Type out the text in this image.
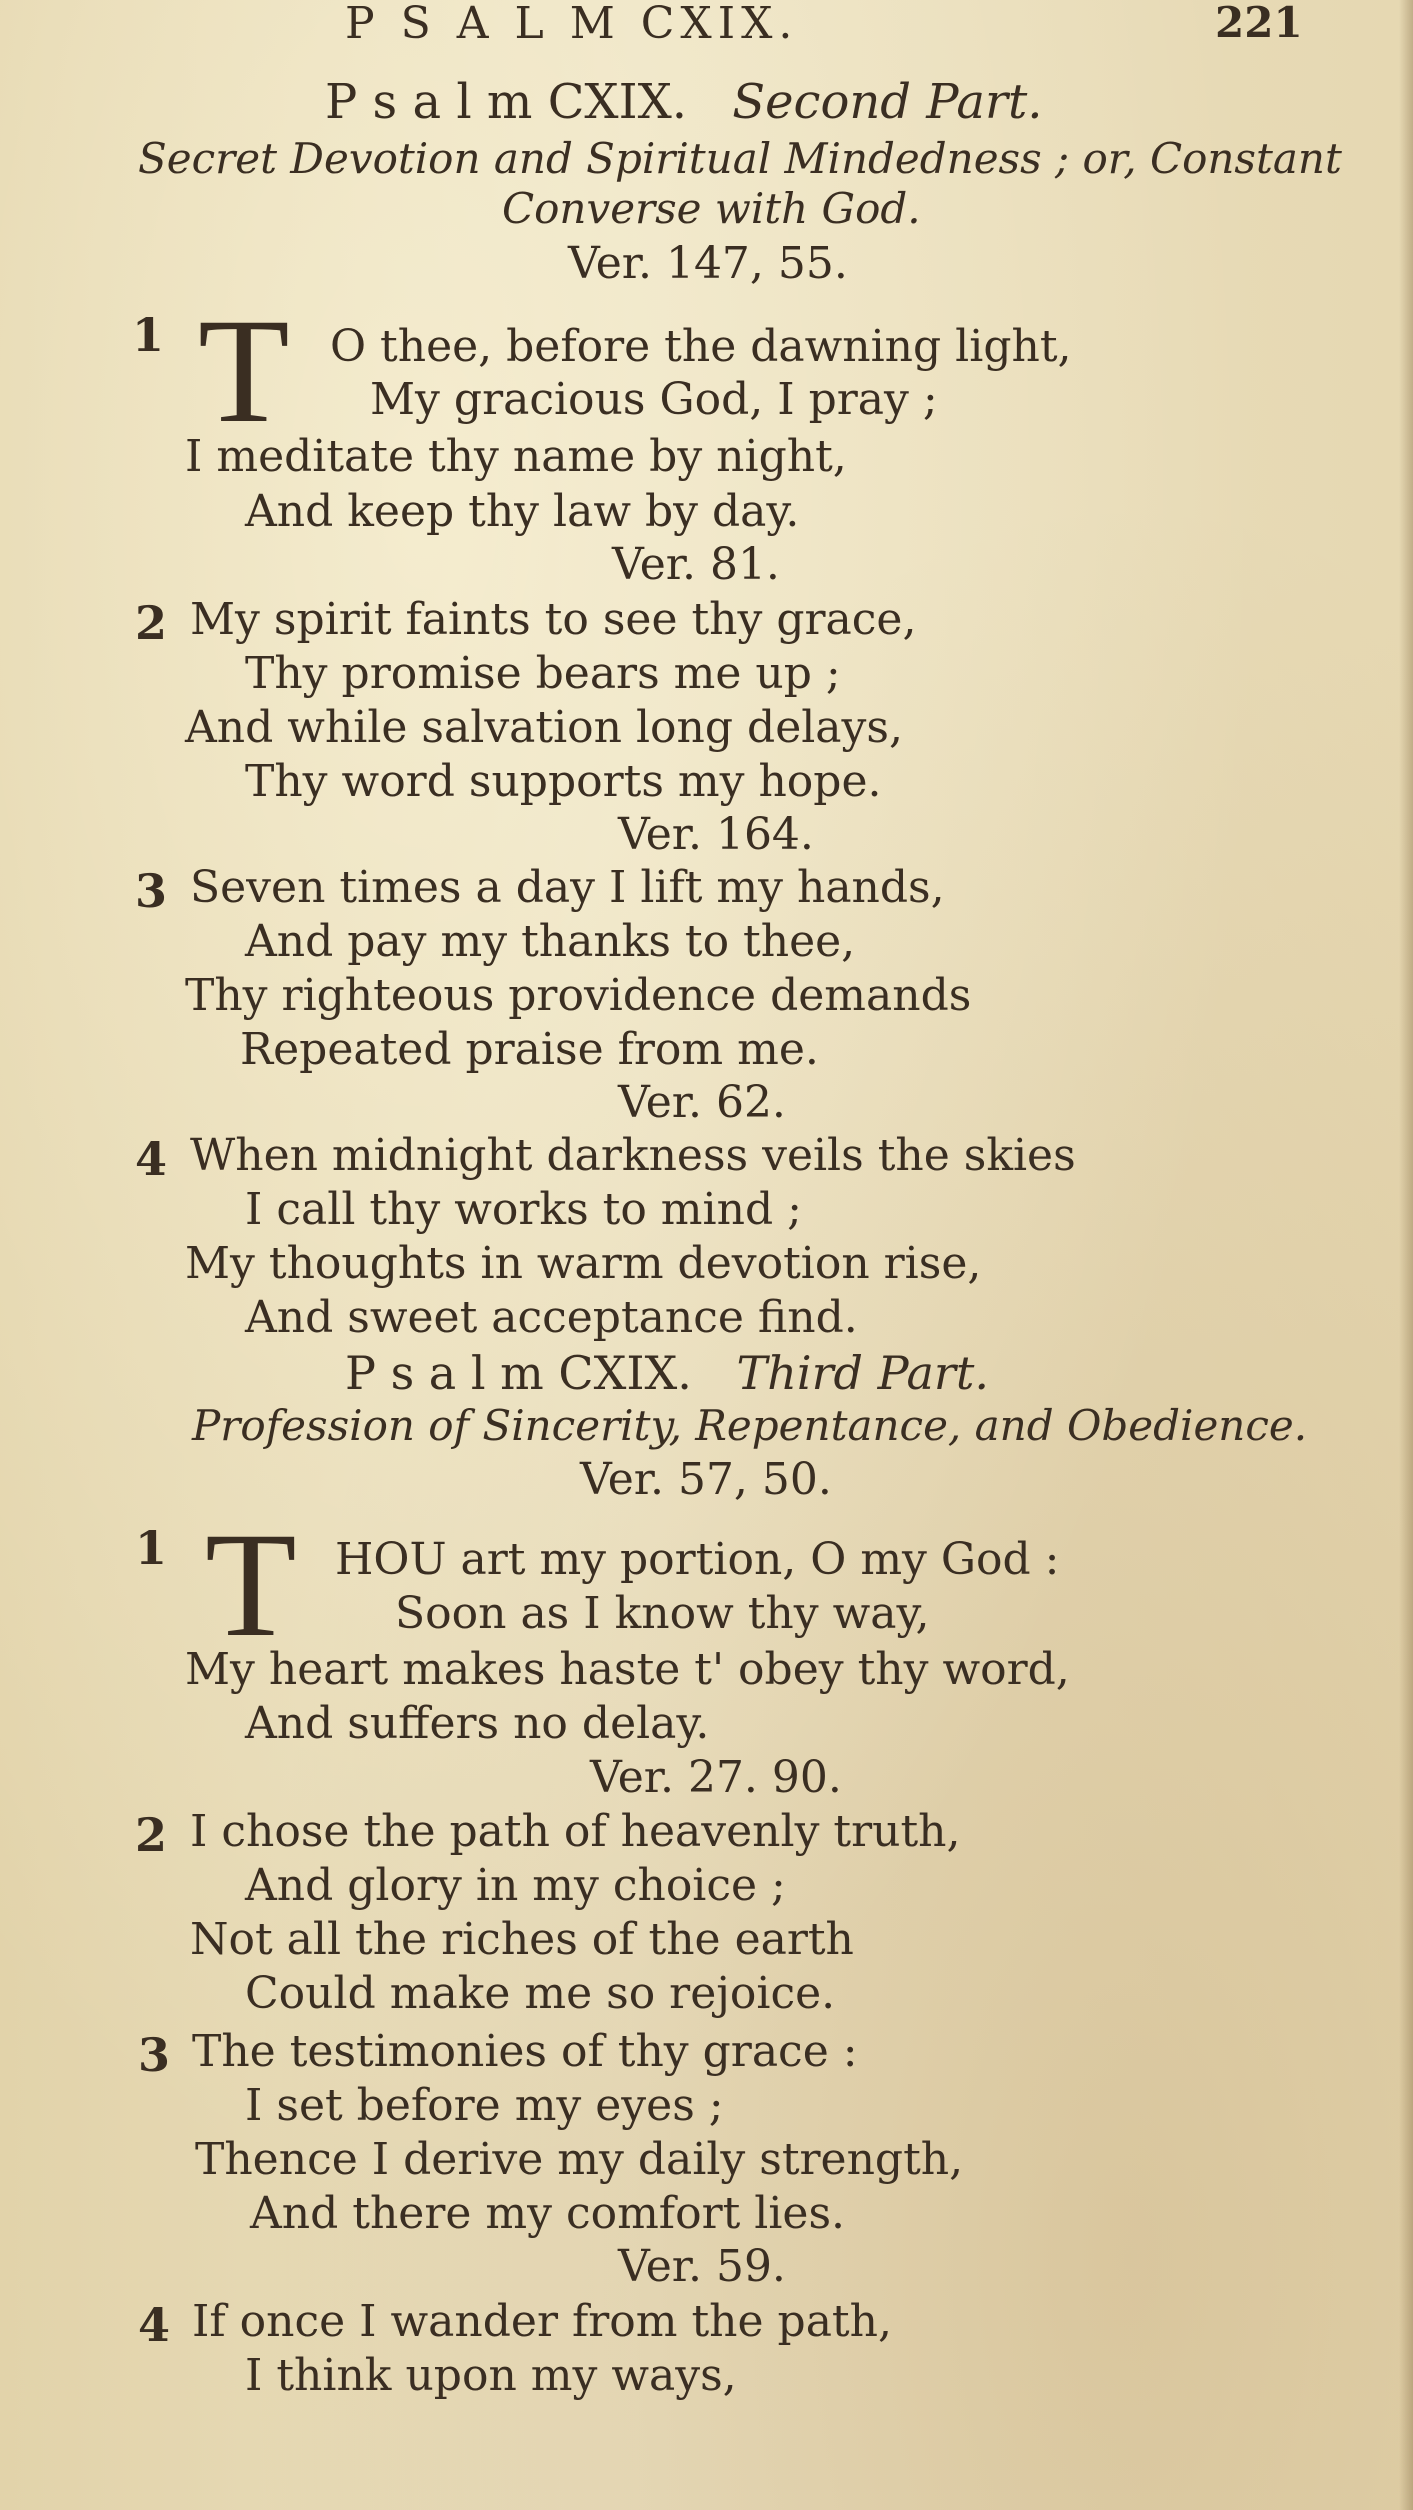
P S A L M CXIX.	221
P s a l m CXIX. Second Part.
Secret Devotion and Spiritual Mindedness ; or, Constant
Converse with God.
Ver. 147, 55.
1 T O thee, before the dawning light,
My gracious God, I pray ;
I meditate thy name by night,
And keep thy law by day.
Ver. 81.
2 My spirit faints to see thy grace,
Thy promise bears me up ;
And while salvation long delays,
Thy word supports my hope.
Ver. 164.
3 Seven times a day I lift my hands,
And pay my thanks to thee,
Thy righteous providence demands
Repeated praise from me.
Ver. 62.
4 When midnight darkness veils the skies
I call thy works to mind ;
My thoughts in warm devotion rise,
And sweet acceptance find.
P s a l m CXIX. Third Part.
Profession of Sincerity, Repentance, and Obedience.
Ver. 57, 50.
1 T HOU art my portion, O my God :
Soon as I know thy way,
My heart makes haste t' obey thy word,
And suffers no delay.
Ver. 27. 90.
2 I chose the path of heavenly truth,
And glory in my choice ;
Not all the riches of the earth
Could make me so rejoice.
3 The testimonies of thy grace :
I set before my eyes ;
Thence I derive my daily strength,
And there my comfort lies.
Ver. 59.
4 If once I wander from the path,
I think upon my ways,
